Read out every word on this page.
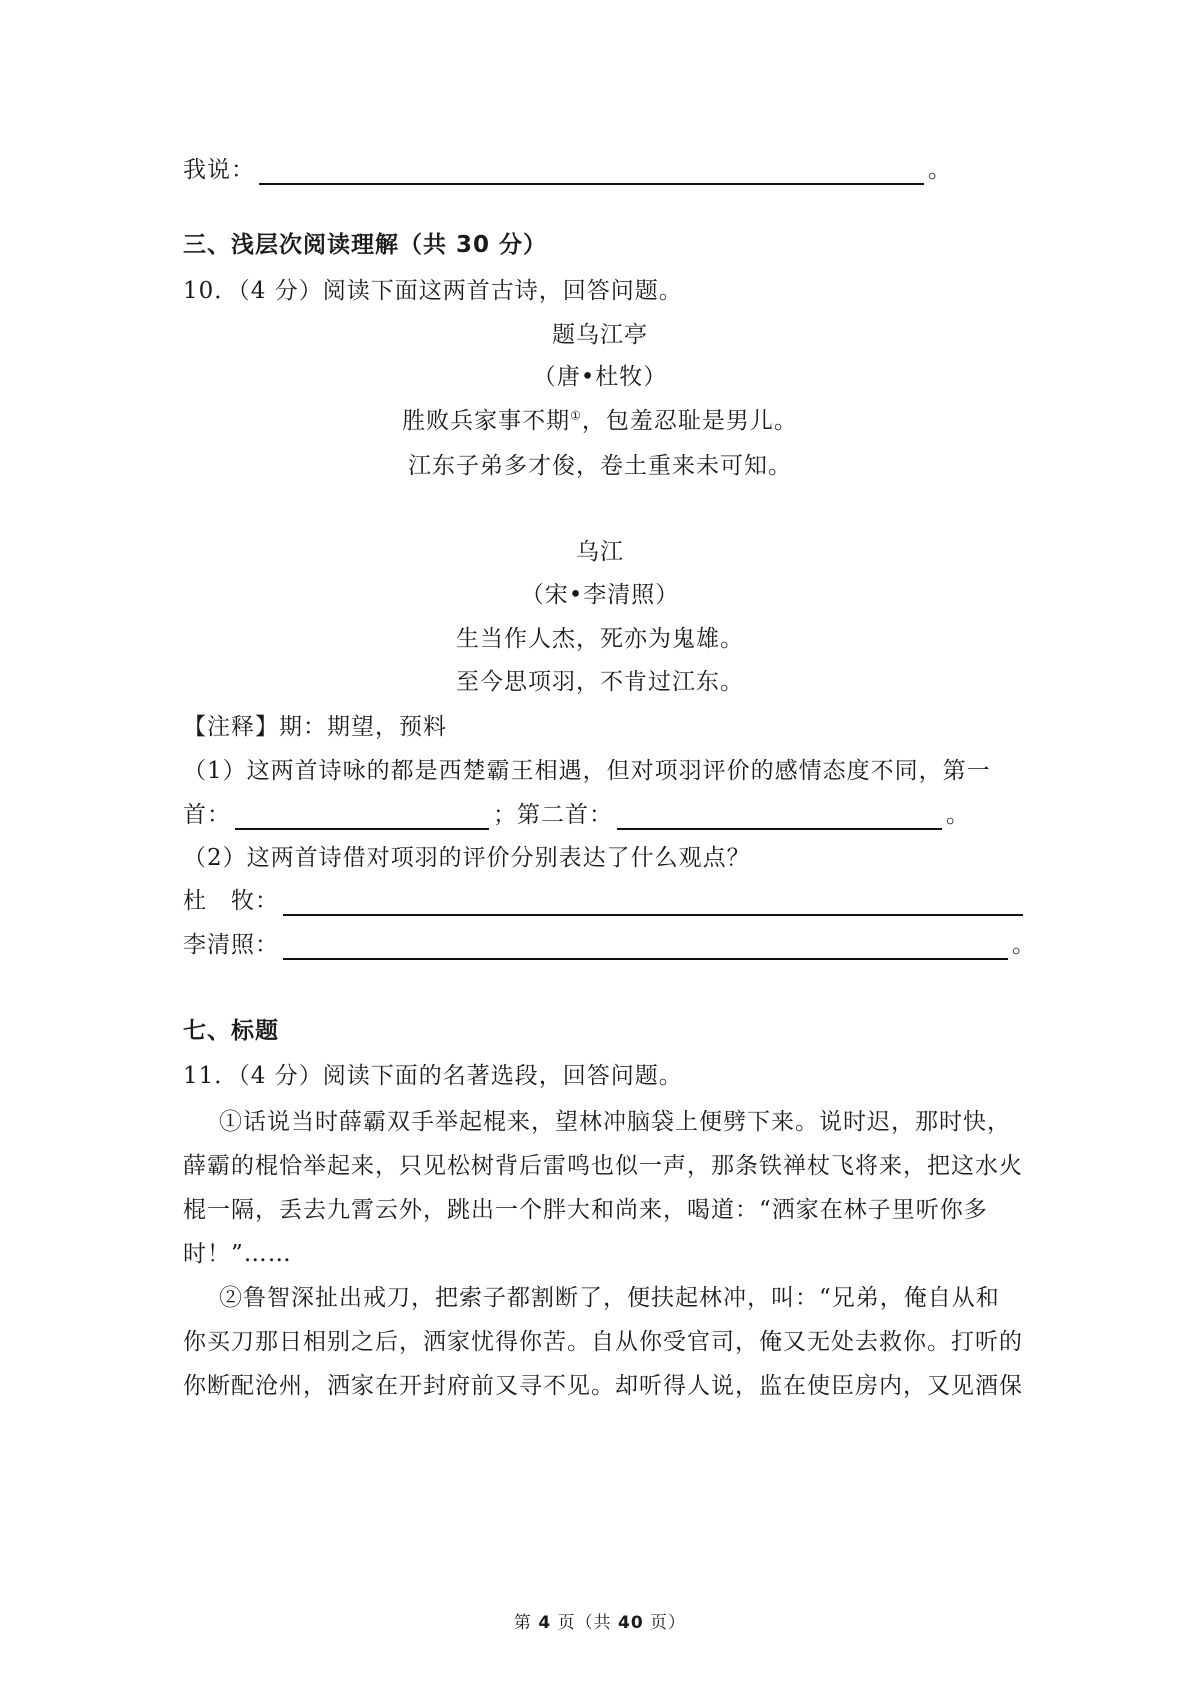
我说：	。
三、浅层次阅读理解（共 30 分）
10．（4 分）阅读下面这两首古诗，回答问题。
题乌江亭
（唐•杜牧）
胜败兵家事不期①，包羞忍耻是男儿。
江东子弟多才俊，卷土重来未可知。
乌江
（宋•李清照）
生当作人杰，死亦为鬼雄。
至今思项羽，不肯过江东。
【注释】期：期望，预料
（1）这两首诗咏的都是西楚霸王相遇，但对项羽评价的感情态度不同，第一
首：	；第二首：	。
（2）这两首诗借对项羽的评价分别表达了什么观点？
杜　牧：
李清照：	。
七、标题
11．（4 分）阅读下面的名著选段，回答问题。
①话说当时薛霸双手举起棍来，望林冲脑袋上便劈下来。说时迟，那时快，
薛霸的棍恰举起来，只见松树背后雷鸣也似一声，那条铁禅杖飞将来，把这水火
棍一隔，丢去九霄云外，跳出一个胖大和尚来，喝道：“洒家在林子里听你多
时！”……
②鲁智深扯出戒刀，把索子都割断了，便扶起林冲，叫：“兄弟，俺自从和
你买刀那日相别之后，洒家忧得你苦。自从你受官司，俺又无处去救你。打听的
你断配沧州，洒家在开封府前又寻不见。却听得人说，监在使臣房内，又见酒保
第 4 页（共 40 页）
